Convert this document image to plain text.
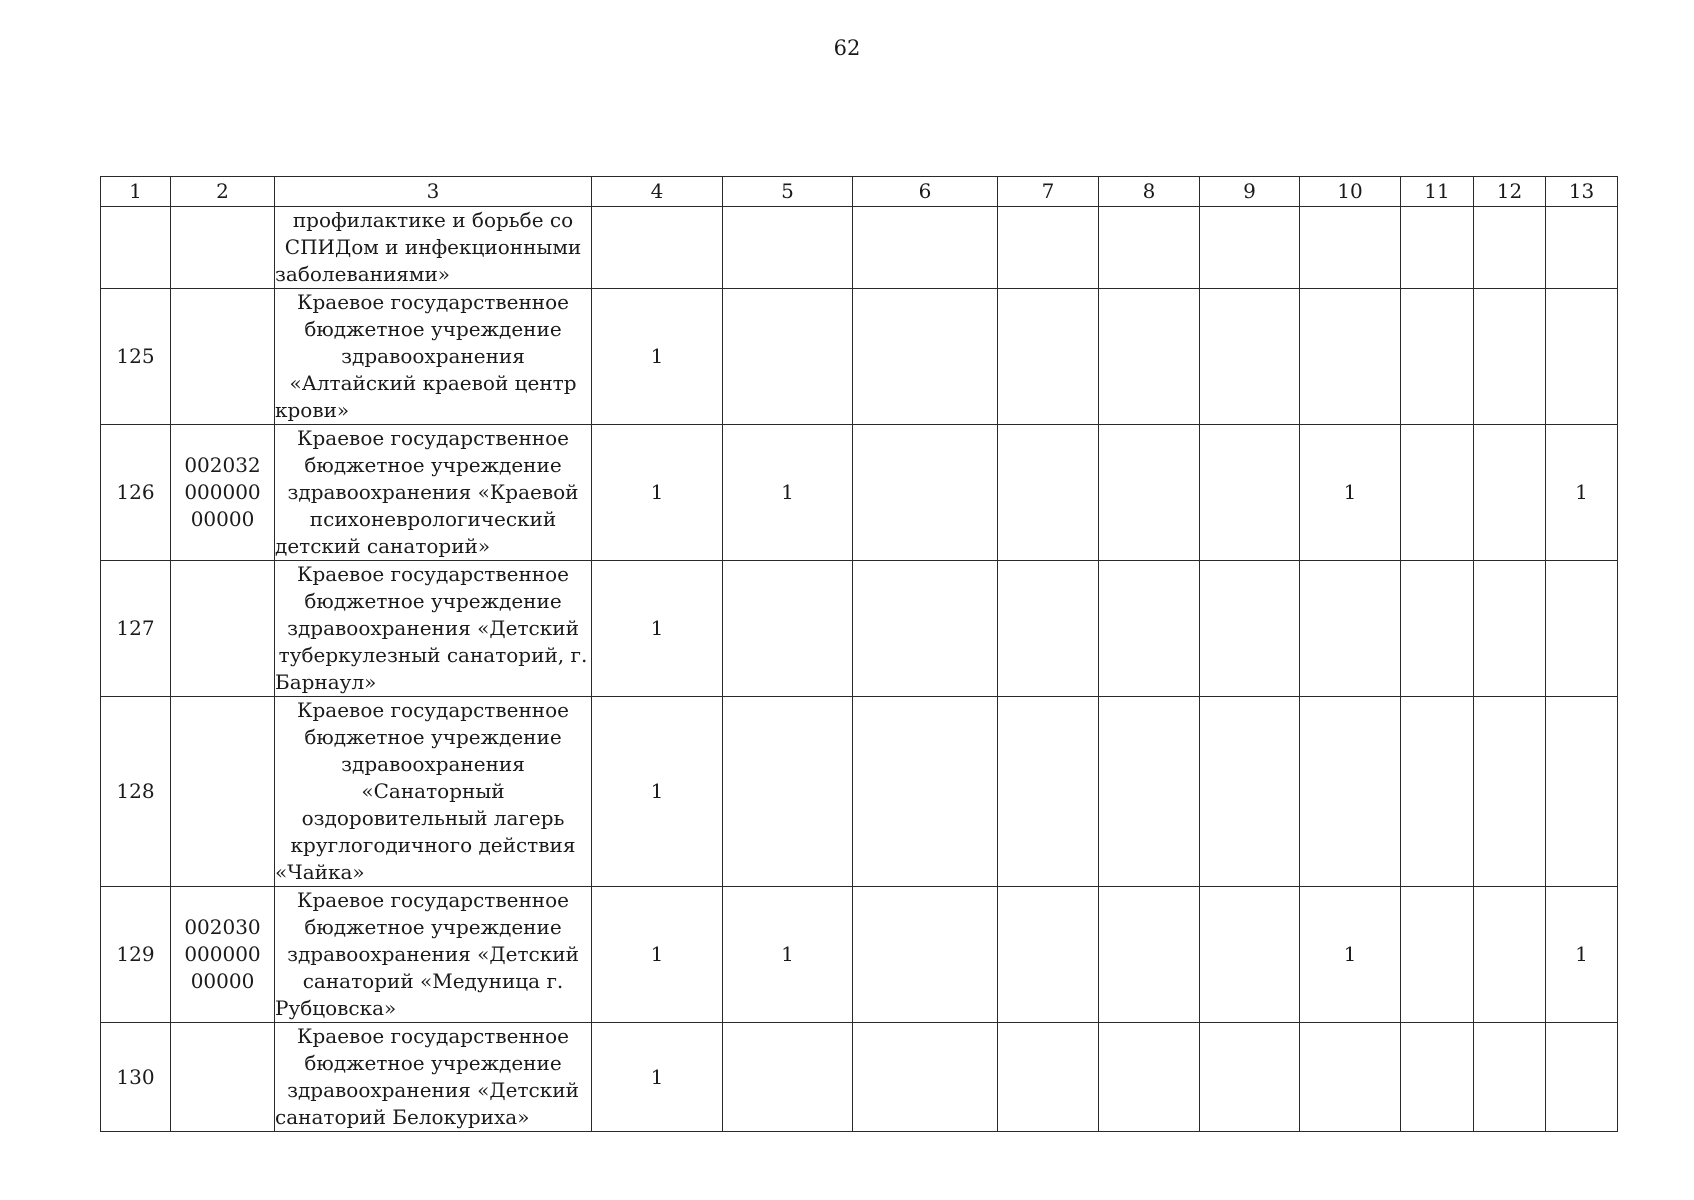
62
1	2	3	4	5	6	7	8	9	10	11	12	13
		профилактике и борьбе со СПИДом и инфекционными заболеваниями»										
125		Краевое государственное бюджетное учреждение здравоохранения «Алтайский краевой центр крови»	1									
126	002032
000000
00000	Краевое государственное бюджетное учреждение здравоохранения «Краевой психоневрологический детский санаторий»	1	1					1			1
127		Краевое государственное бюджетное учреждение здравоохранения «Детский туберкулезный санаторий, г. Барнаул»	1									
128		Краевое государственное бюджетное учреждение здравоохранения «Санаторный оздоровительный лагерь круглогодичного действия «Чайка»	1									
129	002030
000000
00000	Краевое государственное бюджетное учреждение здравоохранения «Детский санаторий «Медуница г. Рубцовска»	1	1					1			1
130		Краевое государственное бюджетное учреждение здравоохранения «Детский санаторий Белокуриха»	1									
